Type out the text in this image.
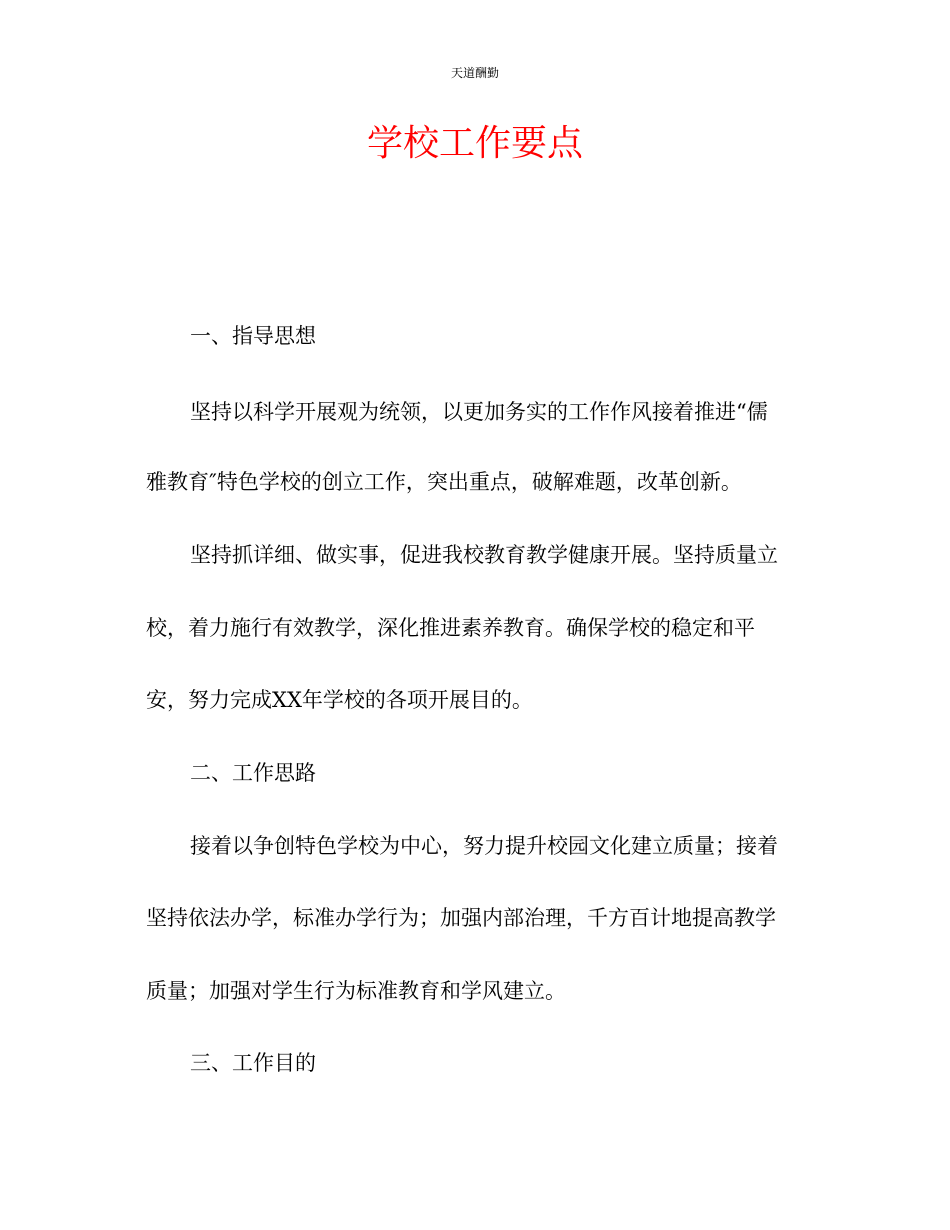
天道酬勤
学校工作要点
一、指导思想
坚持以科学开展观为统领，以更加务实的工作作风接着推进“儒
雅教育″特色学校的创立工作，突出重点，破解难题，改革创新。
坚持抓详细、做实事，促进我校教育教学健康开展。坚持质量立
校，着力施行有效教学，深化推进素养教育。确保学校的稳定和平
安，努力完成XX年学校的各项开展目的。
二、工作思路
接着以争创特色学校为中心，努力提升校园文化建立质量；接着
坚持依法办学，标准办学行为；加强内部治理，千方百计地提高教学
质量；加强对学生行为标准教育和学风建立。
三、工作目的
